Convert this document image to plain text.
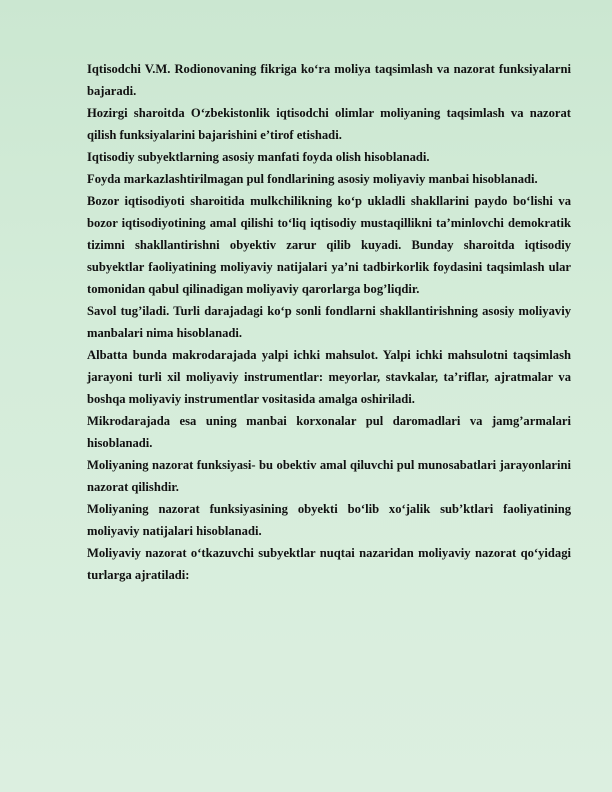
Iqtisodchi V.M. Rodionovaning fikriga ko‘ra moliya taqsimlash va nazorat funksiyalarni bajaradi.

Hozirgi sharoitda O‘zbekistonlik iqtisodchi olimlar moliyaning taqsimlash va nazorat qilish funksiyalarini bajarishini e’tirof etishadi.

Iqtisodiy subyektlarning asosiy manfati foyda olish hisoblanadi.

Foyda markazlashtirilmagan pul fondlarining asosiy moliyaviy manbai hisoblanadi.

Bozor iqtisodiyoti sharoitida mulkchilikning ko‘p ukladli shakllarini paydo bo‘lishi va bozor iqtisodiyotining amal qilishi to‘liq iqtisodiy mustaqillikni ta’minlovchi demokratik tizimni shakllantirishni obyektiv zarur qilib kuyadi. Bunday sharoitda iqtisodiy subyektlar faoliyatining moliyaviy natijalari ya’ni tadbirkorlik foydasini taqsimlash ular tomonidan qabul qilinadigan moliyaviy qarorlarga bog’liqdir.

Savol tug’iladi. Turli darajadagi ko‘p sonli fondlarni shakllantirishning asosiy moliyaviy manbalari nima hisoblanadi.

Albatta bunda makrodarajada yalpi ichki mahsulot. Yalpi ichki mahsulotni taqsimlash jarayoni turli xil moliyaviy instrumentlar: meyorlar, stavkalar, ta’riflar, ajratmalar va boshqa moliyaviy instrumentlar vositasida amalga oshiriladi.

Mikrodarajada esa uning manbai korxonalar pul daromadlari va jamg’armalari hisoblanadi.

Moliyaning nazorat funksiyasi- bu obektiv amal qiluvchi pul munosabatlari jarayonlarini nazorat qilishdir.

Moliyaning nazorat funksiyasining obyekti bo‘lib xo‘jalik sub’ktlari faoliyatining moliyaviy natijalari hisoblanadi.

Moliyaviy nazorat o‘tkazuvchi subyektlar nuqtai nazaridan moliyaviy nazorat qo‘yidagi turlarga ajratiladi:
